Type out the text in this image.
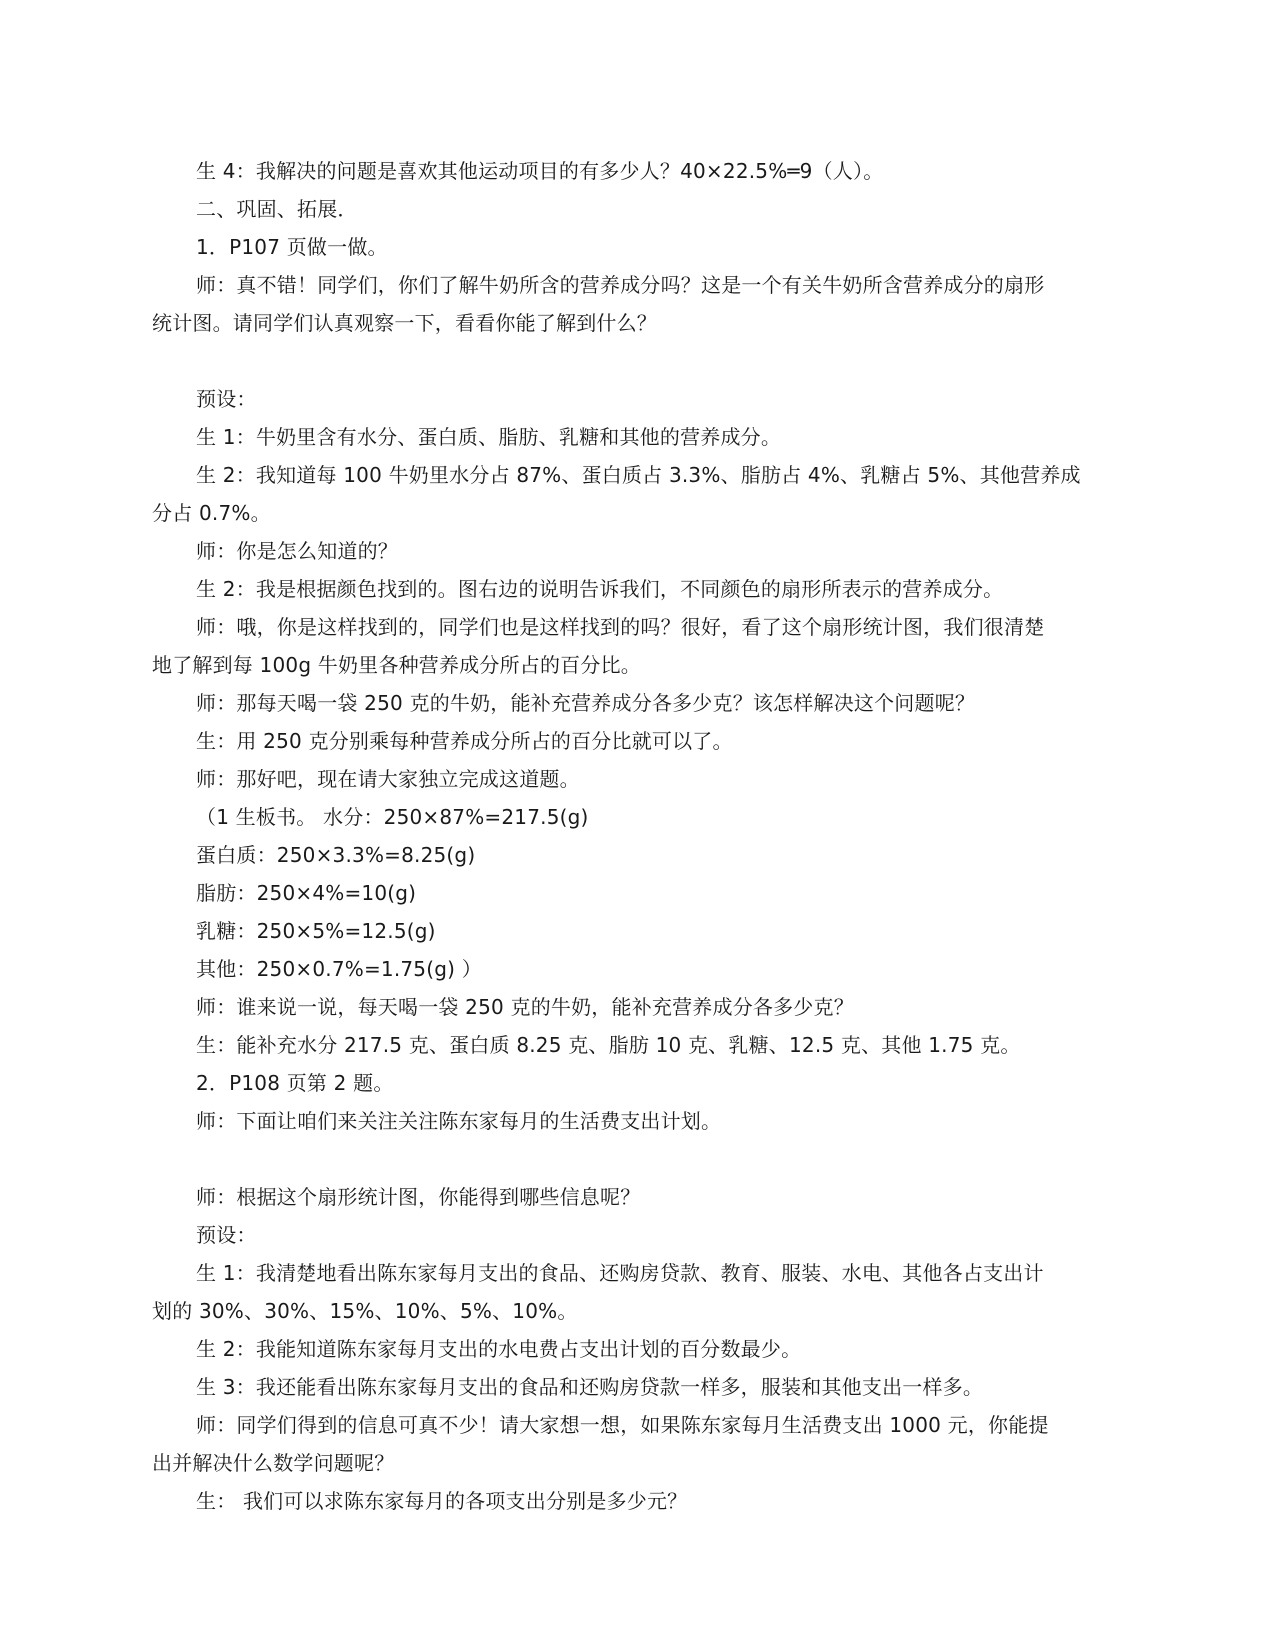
生 4：我解决的问题是喜欢其他运动项目的有多少人？40×22.5%═9（人）。
二、巩固、拓展．
1．P107 页做一做。
师：真不错！同学们，你们了解牛奶所含的营养成分吗？这是一个有关牛奶所含营养成分的扇形
统计图。请同学们认真观察一下，看看你能了解到什么？
预设：
生 1：牛奶里含有水分、蛋白质、脂肪、乳糖和其他的营养成分。
生 2：我知道每 100 牛奶里水分占 87%、蛋白质占 3.3%、脂肪占 4%、乳糖占 5%、其他营养成
分占 0.7%。
师：你是怎么知道的？
生 2：我是根据颜色找到的。图右边的说明告诉我们，不同颜色的扇形所表示的营养成分。
师：哦，你是这样找到的，同学们也是这样找到的吗？很好，看了这个扇形统计图，我们很清楚
地了解到每 100g 牛奶里各种营养成分所占的百分比。
师：那每天喝一袋 250 克的牛奶，能补充营养成分各多少克？该怎样解决这个问题呢？
生：用 250 克分别乘每种营养成分所占的百分比就可以了。
师：那好吧，现在请大家独立完成这道题。
（1 生板书。 水分：250×87%=217.5(g)
蛋白质：250×3.3%=8.25(g)
脂肪：250×4%=10(g)
乳糖：250×5%=12.5(g)
其他：250×0.7%=1.75(g) ）
师：谁来说一说，每天喝一袋 250 克的牛奶，能补充营养成分各多少克？
生：能补充水分 217.5 克、蛋白质 8.25 克、脂肪 10 克、乳糖、12.5 克、其他 1.75 克。
2．P108 页第 2 题。
师：下面让咱们来关注关注陈东家每月的生活费支出计划。
师：根据这个扇形统计图，你能得到哪些信息呢？
预设：
生 1：我清楚地看出陈东家每月支出的食品、还购房贷款、教育、服装、水电、其他各占支出计
划的 30%、30%、15%、10%、5%、10%。
生 2：我能知道陈东家每月支出的水电费占支出计划的百分数最少。
生 3：我还能看出陈东家每月支出的食品和还购房贷款一样多，服装和其他支出一样多。
师：同学们得到的信息可真不少！请大家想一想，如果陈东家每月生活费支出 1000 元，你能提
出并解决什么数学问题呢？
生： 我们可以求陈东家每月的各项支出分别是多少元？
